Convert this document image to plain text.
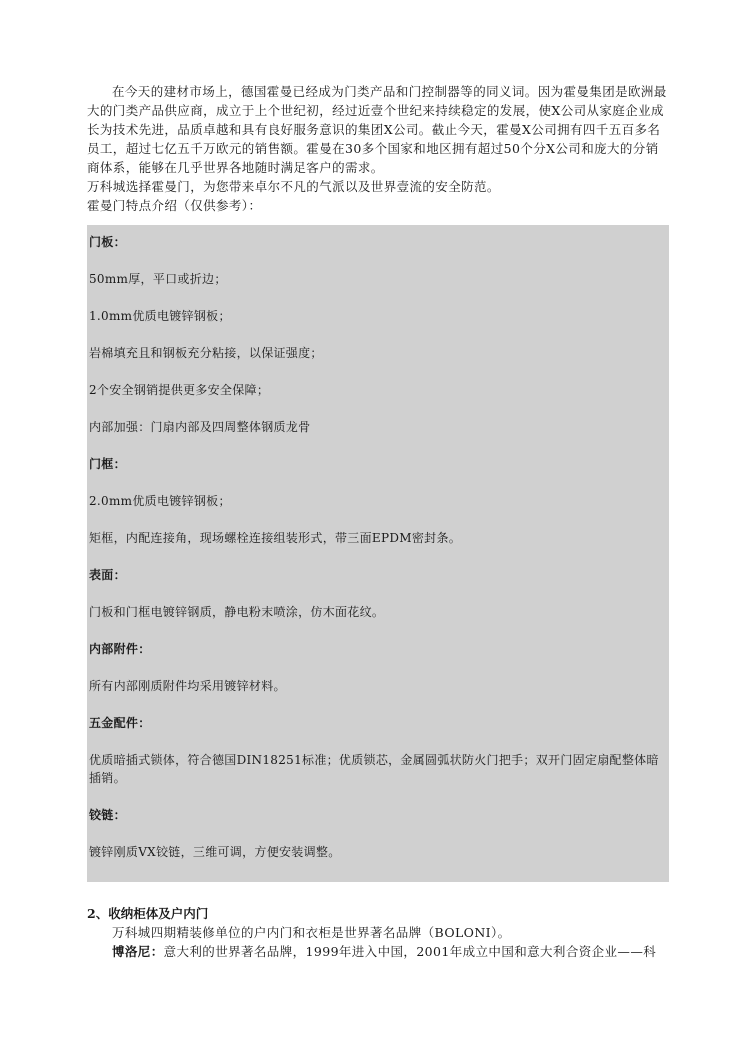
在今天的建材市场上，德国霍曼已经成为门类产品和门控制器等的同义词。因为霍曼集团是欧洲最大的门类产品供应商，成立于上个世纪初，经过近壹个世纪来持续稳定的发展，使X公司从家庭企业成长为技术先进，品质卓越和具有良好服务意识的集团X公司。截止今天，霍曼X公司拥有四千五百多名员工，超过七亿五千万欧元的销售额。霍曼在30多个国家和地区拥有超过50个分X公司和庞大的分销商体系，能够在几乎世界各地随时满足客户的需求。

万科城选择霍曼门，为您带来卓尔不凡的气派以及世界壹流的安全防范。

霍曼门特点介绍（仅供参考）：

门板：
50mm厚，平口或折边；
1.0mm优质电镀锌钢板；
岩棉填充且和钢板充分粘接，以保证强度；
2个安全钢销提供更多安全保障；
内部加强：门扇内部及四周整体钢质龙骨
门框：
2.0mm优质电镀锌钢板；
矩框，内配连接角，现场螺栓连接组装形式，带三面EPDM密封条。
表面：
门板和门框电镀锌钢质，静电粉末喷涂，仿木面花纹。
内部附件：
所有内部刚质附件均采用镀锌材料。
五金配件：
优质暗插式锁体，符合德国DIN18251标准；优质锁芯，金属圆弧状防火门把手；双开门固定扇配整体暗插销。
铰链：
镀锌刚质VX铰链，三维可调，方便安装调整。
2、收纳柜体及户内门

万科城四期精装修单位的户内门和衣柜是世界著名品牌（BOLONI）。

博洛尼：意大利的世界著名品牌，1999年进入中国，2001年成立中国和意大利合资企业——科
